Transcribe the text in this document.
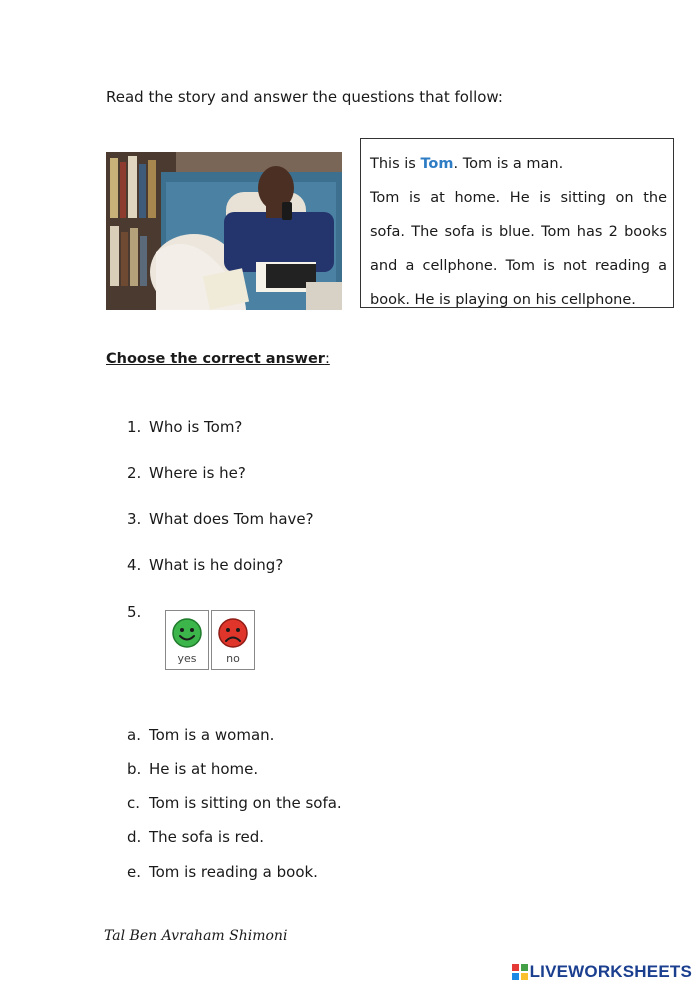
Read the story and answer the questions that follow:

This is Tom. Tom is a man.

Tom is at home. He is sitting on the

sofa. The sofa is blue. Tom has 2 books

and a cellphone. Tom is not reading a

book. He is playing on his cellphone.

Choose the correct answer:
1. Who is Tom?
2. Where is he?
3. What does Tom have?
4. What is he doing?
5.
yes	no
a. Tom is a woman.
b. He is at home.
c. Tom is sitting on the sofa.
d. The sofa is red.
e. Tom is reading a book.
Tal Ben Avraham Shimoni
LIVEWORKSHEETS
